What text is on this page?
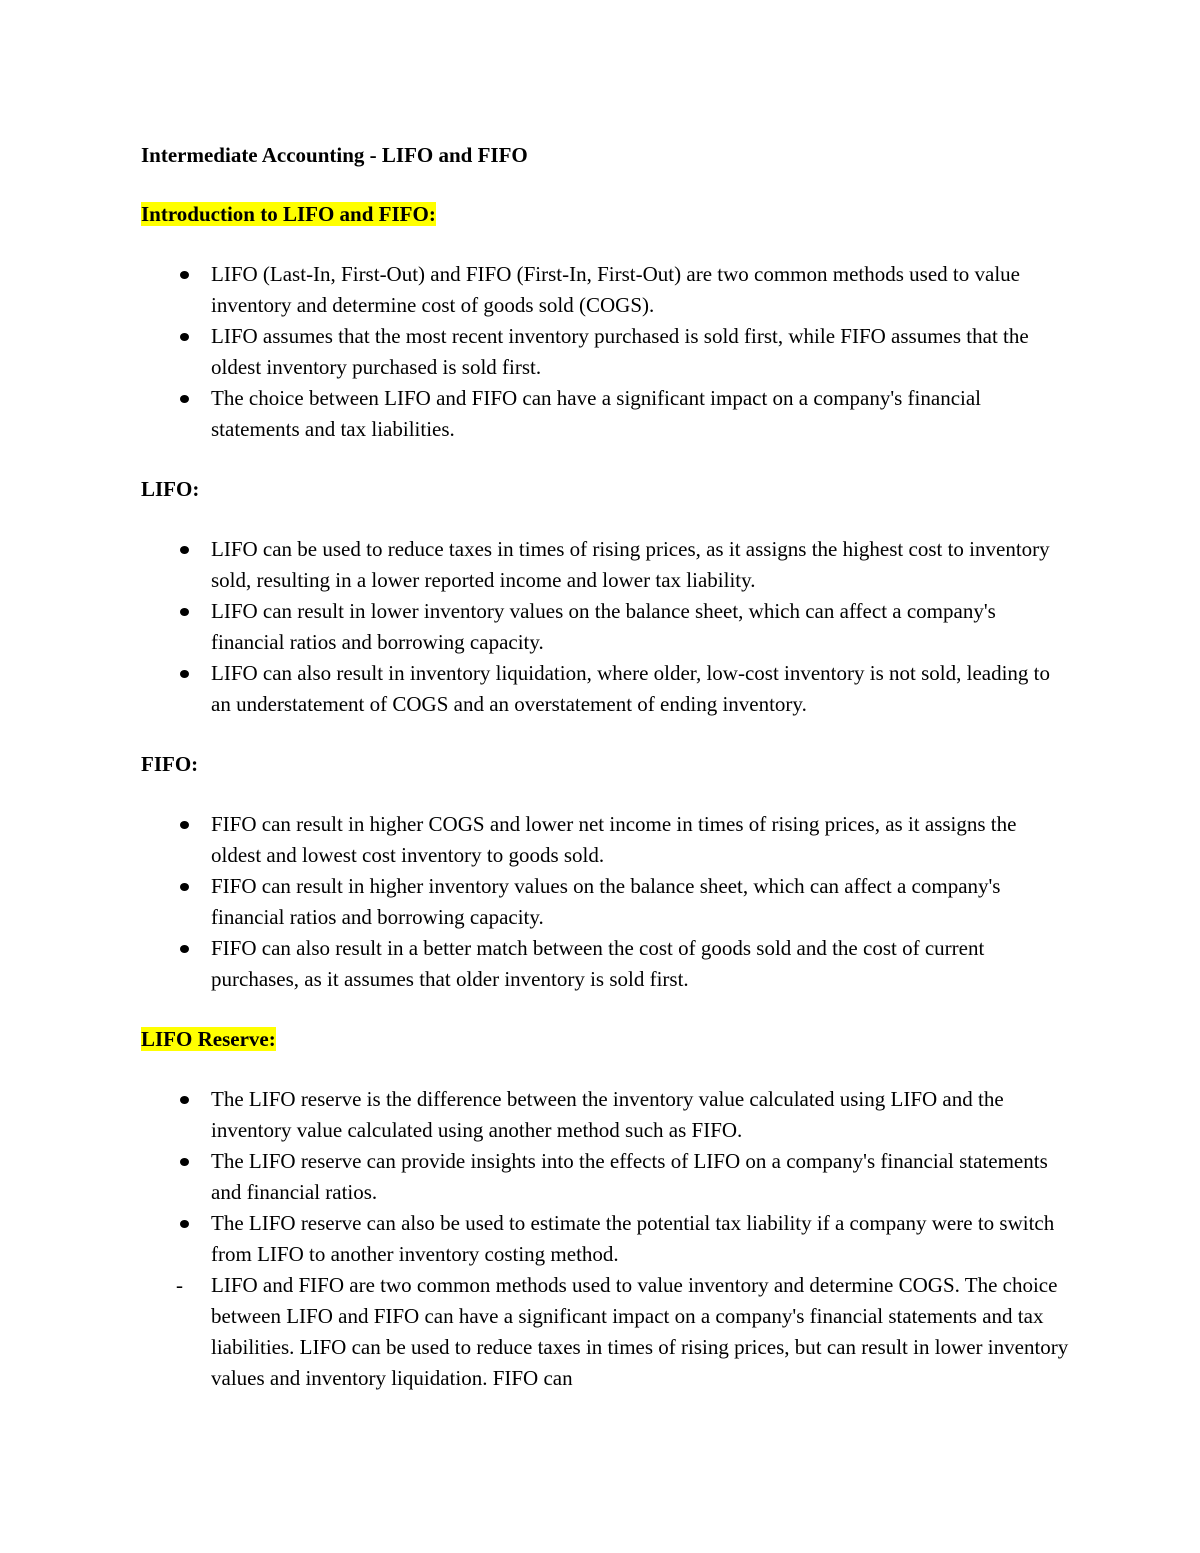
Intermediate Accounting - LIFO and FIFO
Introduction to LIFO and FIFO:
LIFO (Last-In, First-Out) and FIFO (First-In, First-Out) are two common methods used to value inventory and determine cost of goods sold (COGS).
LIFO assumes that the most recent inventory purchased is sold first, while FIFO assumes that the oldest inventory purchased is sold first.
The choice between LIFO and FIFO can have a significant impact on a company's financial statements and tax liabilities.
LIFO:
LIFO can be used to reduce taxes in times of rising prices, as it assigns the highest cost to inventory sold, resulting in a lower reported income and lower tax liability.
LIFO can result in lower inventory values on the balance sheet, which can affect a company's financial ratios and borrowing capacity.
LIFO can also result in inventory liquidation, where older, low-cost inventory is not sold, leading to an understatement of COGS and an overstatement of ending inventory.
FIFO:
FIFO can result in higher COGS and lower net income in times of rising prices, as it assigns the oldest and lowest cost inventory to goods sold.
FIFO can result in higher inventory values on the balance sheet, which can affect a company's financial ratios and borrowing capacity.
FIFO can also result in a better match between the cost of goods sold and the cost of current purchases, as it assumes that older inventory is sold first.
LIFO Reserve:
The LIFO reserve is the difference between the inventory value calculated using LIFO and the inventory value calculated using another method such as FIFO.
The LIFO reserve can provide insights into the effects of LIFO on a company's financial statements and financial ratios.
The LIFO reserve can also be used to estimate the potential tax liability if a company were to switch from LIFO to another inventory costing method.
-	LIFO and FIFO are two common methods used to value inventory and determine COGS. The choice between LIFO and FIFO can have a significant impact on a company's financial statements and tax liabilities. LIFO can be used to reduce taxes in times of rising prices, but can result in lower inventory values and inventory liquidation. FIFO can
